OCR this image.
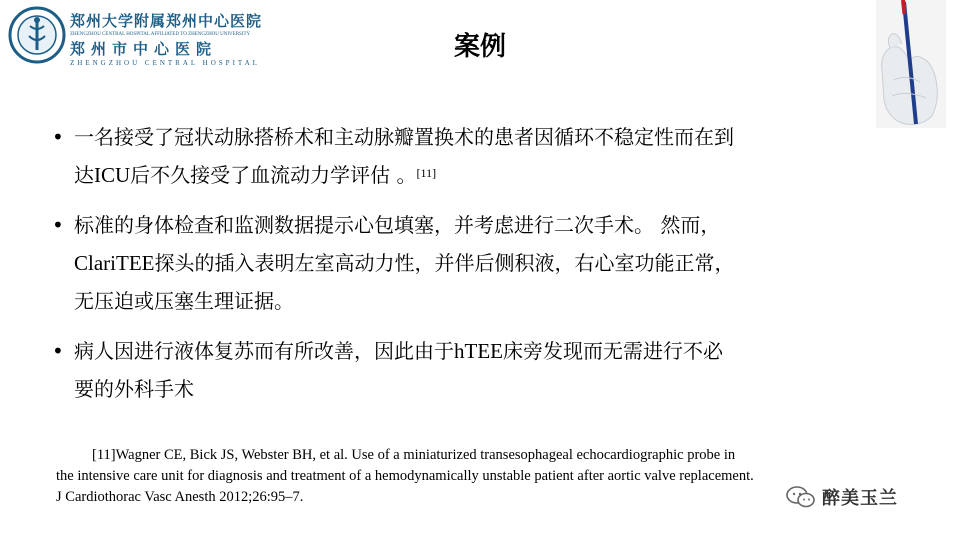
郑州大学附属郑州中心医院
ZHENGZHOU CENTRAL HOSPITAL AFFILIATED TO ZHENGZHOU UNIVERSITY
郑州市中心医院
ZHENGZHOU CENTRAL HOSPITAL
案例
• 一名接受了冠状动脉搭桥术和主动脉瓣置换术的患者因循环不稳定性而在到
达ICU后不久接受了血流动力学评估 。[11]
• 标准的身体检查和监测数据提示心包填塞，并考虑进行二次手术。 然而，
ClariTEE探头的插入表明左室高动力性，并伴后侧积液，右心室功能正常，
无压迫或压塞生理证据。
• 病人因进行液体复苏而有所改善，因此由于hTEE床旁发现而无需进行不必
要的外科手术
[11]Wagner CE, Bick JS, Webster BH, et al. Use of a miniaturized transesophageal echocardiographic probe in
the intensive care unit for diagnosis and treatment of a hemodynamically unstable patient after aortic valve replacement.
J Cardiothorac Vasc Anesth 2012;26:95–7.	醉美玉兰
